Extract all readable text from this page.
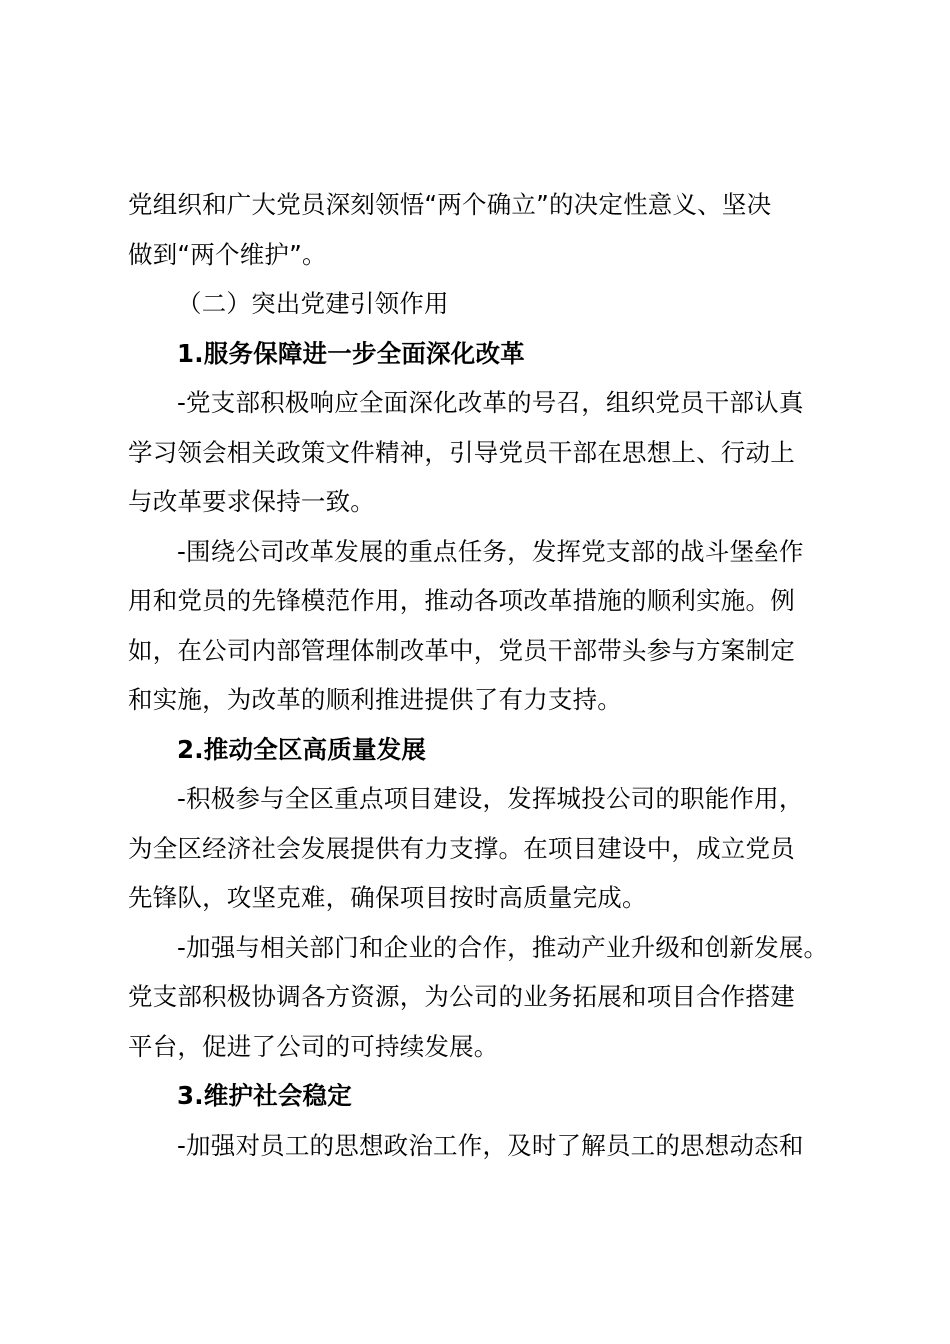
党组织和广大党员深刻领悟“两个确立”的决定性意义、坚决
做到“两个维护”。
（二）突出党建引领作用
1.服务保障进一步全面深化改革
-党支部积极响应全面深化改革的号召，组织党员干部认真
学习领会相关政策文件精神，引导党员干部在思想上、行动上
与改革要求保持一致。
-围绕公司改革发展的重点任务，发挥党支部的战斗堡垒作
用和党员的先锋模范作用，推动各项改革措施的顺利实施。例
如，在公司内部管理体制改革中，党员干部带头参与方案制定
和实施，为改革的顺利推进提供了有力支持。
2.推动全区高质量发展
-积极参与全区重点项目建设，发挥城投公司的职能作用，
为全区经济社会发展提供有力支撑。在项目建设中，成立党员
先锋队，攻坚克难，确保项目按时高质量完成。
-加强与相关部门和企业的合作，推动产业升级和创新发展。
党支部积极协调各方资源，为公司的业务拓展和项目合作搭建
平台，促进了公司的可持续发展。
3.维护社会稳定
-加强对员工的思想政治工作，及时了解员工的思想动态和
